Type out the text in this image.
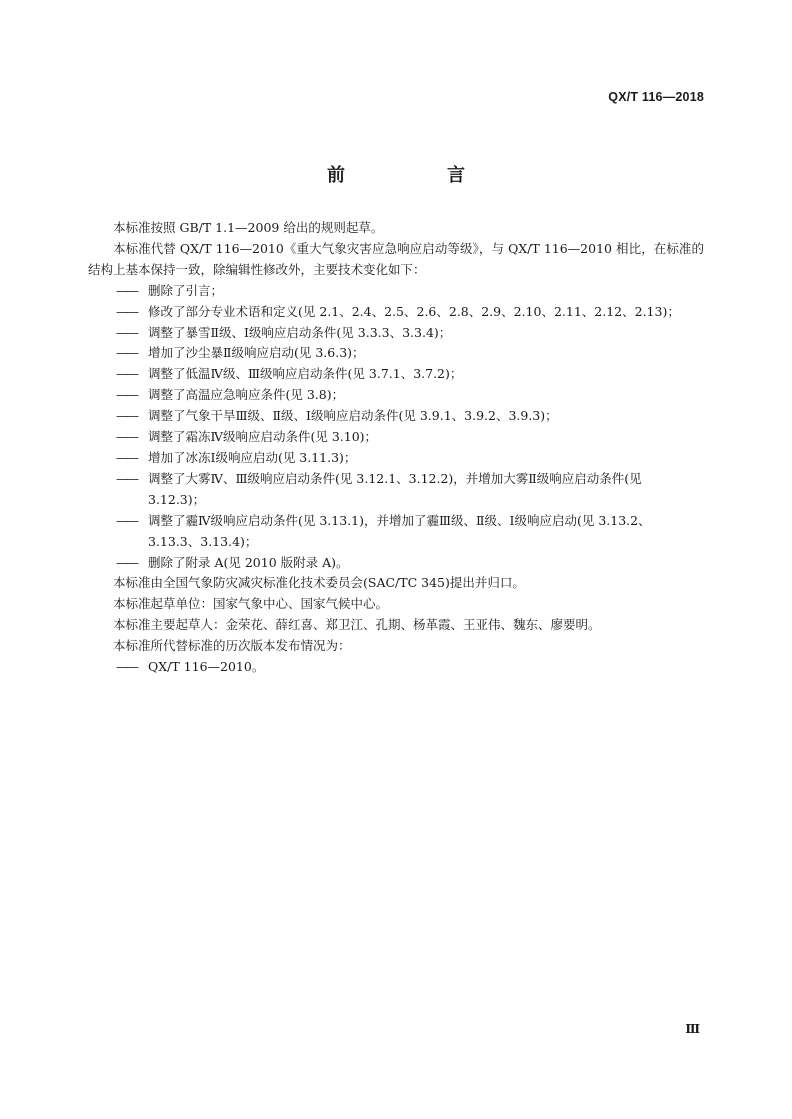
QX/T 116—2018
前　言

本标准按照 GB/T 1.1—2009 给出的规则起草。

本标准代替 QX/T 116—2010《重大气象灾害应急响应启动等级》，与 QX/T 116—2010 相比，在标准的结构上基本保持一致，除编辑性修改外，主要技术变化如下：

—— 删除了引言；

—— 修改了部分专业术语和定义(见 2.1、2.4、2.5、2.6、2.8、2.9、2.10、2.11、2.12、2.13)；

—— 调整了暴雪Ⅱ级、Ⅰ级响应启动条件(见 3.3.3、3.3.4)；

—— 增加了沙尘暴Ⅱ级响应启动(见 3.6.3)；

—— 调整了低温Ⅳ级、Ⅲ级响应启动条件(见 3.7.1、3.7.2)；

—— 调整了高温应急响应条件(见 3.8)；

—— 调整了气象干旱Ⅲ级、Ⅱ级、Ⅰ级响应启动条件(见 3.9.1、3.9.2、3.9.3)；

—— 调整了霜冻Ⅳ级响应启动条件(见 3.10)；

—— 增加了冰冻Ⅰ级响应启动(见 3.11.3)；

—— 调整了大雾Ⅳ、Ⅲ级响应启动条件(见 3.12.1、3.12.2)，并增加大雾Ⅱ级响应启动条件(见
3.12.3)；

—— 调整了霾Ⅳ级响应启动条件(见 3.13.1)，并增加了霾Ⅲ级、Ⅱ级、Ⅰ级响应启动(见 3.13.2、
3.13.3、3.13.4)；

—— 删除了附录 A(见 2010 版附录 A)。

本标准由全国气象防灾减灾标准化技术委员会(SAC/TC 345)提出并归口。

本标准起草单位：国家气象中心、国家气候中心。

本标准主要起草人：金荣花、薛红喜、郑卫江、孔期、杨革霞、王亚伟、魏东、廖要明。

本标准所代替标准的历次版本发布情况为：

—— QX/T 116—2010。

Ⅲ
